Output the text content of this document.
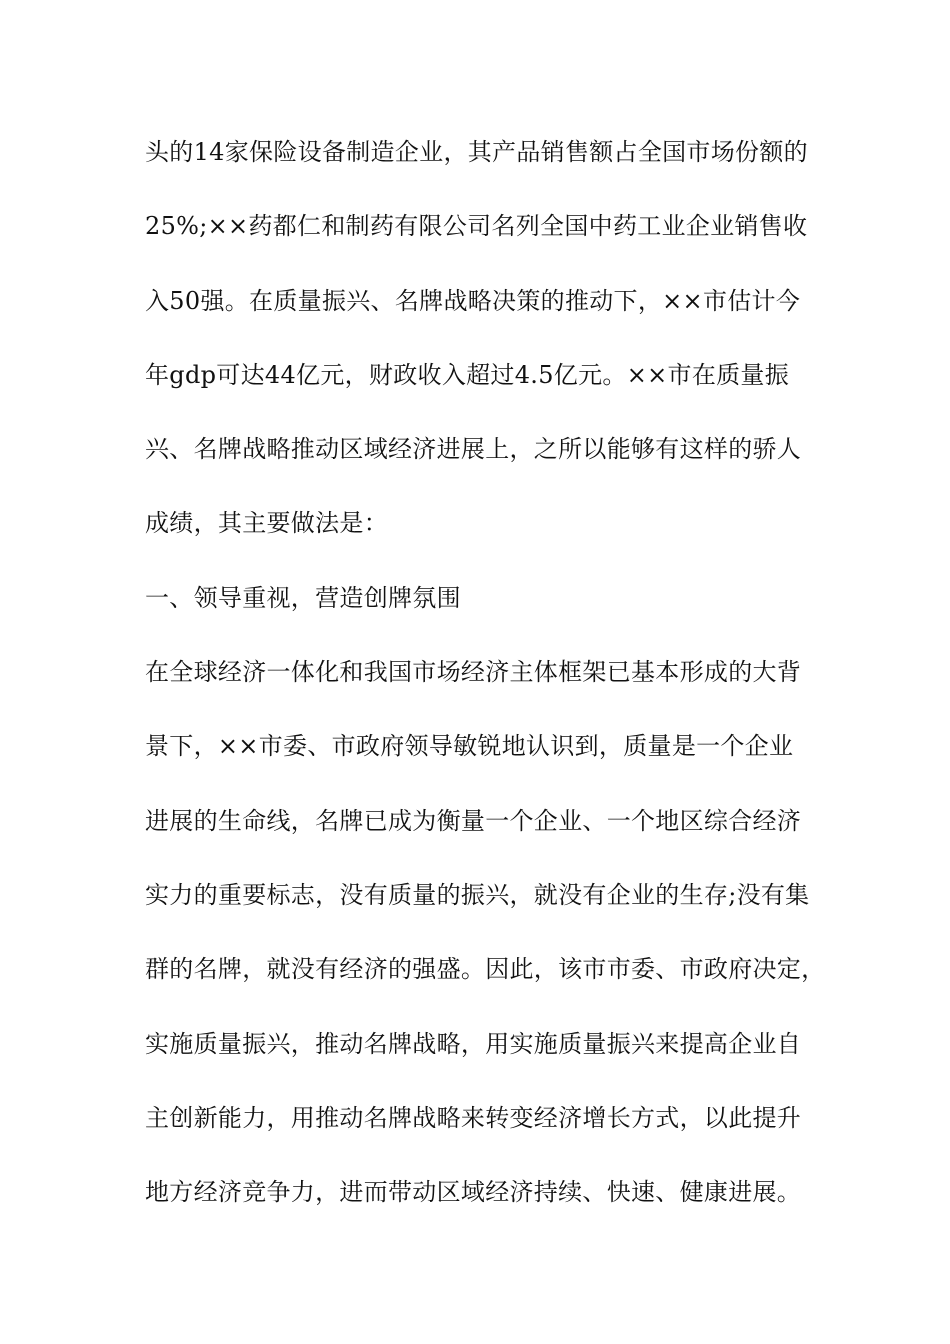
头的14家保险设备制造企业，其产品销售额占全国市场份额的
25%;××药都仁和制药有限公司名列全国中药工业企业销售收
入50强。在质量振兴、名牌战略决策的推动下，××市估计今
年gdp可达44亿元，财政收入超过4.5亿元。××市在质量振
兴、名牌战略推动区域经济进展上，之所以能够有这样的骄人
成绩，其主要做法是：
一、领导重视，营造创牌氛围
在全球经济一体化和我国市场经济主体框架已基本形成的大背
景下，××市委、市政府领导敏锐地认识到，质量是一个企业
进展的生命线，名牌已成为衡量一个企业、一个地区综合经济
实力的重要标志，没有质量的振兴，就没有企业的生存;没有集
群的名牌，就没有经济的强盛。因此，该市市委、市政府决定，
实施质量振兴，推动名牌战略，用实施质量振兴来提高企业自
主创新能力，用推动名牌战略来转变经济增长方式，以此提升
地方经济竞争力，进而带动区域经济持续、快速、健康进展。
